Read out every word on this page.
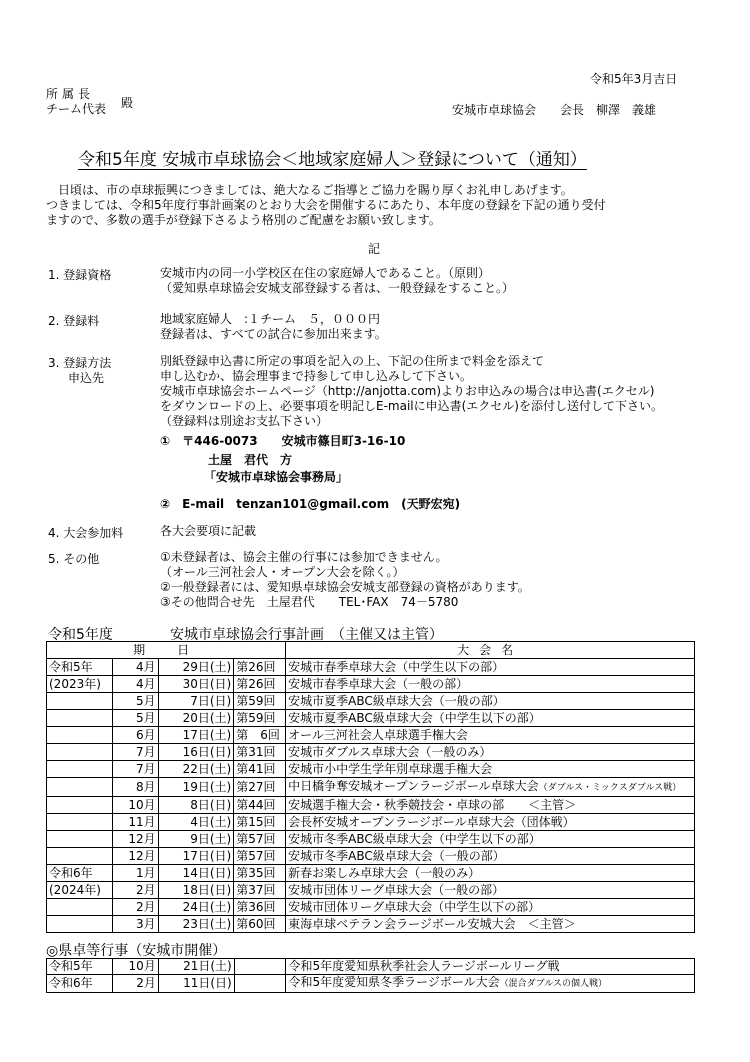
令和5年3月吉日
所属長
チーム代表 殿	安城市卓球協会　　会長　柳澤　義雄
令和5年度 安城市卓球協会＜地域家庭婦人＞登録について（通知）
日頃は、市の卓球振興につきましては、絶大なるご指導とご協力を賜り厚くお礼申しあげます。
つきましては、令和5年度行事計画案のとおり大会を開催するにあたり、本年度の登録を下記の通り受付
ますので、多数の選手が登録下さるよう格別のご配慮をお願い致します。
記
1. 登録資格	安城市内の同一小学校区在住の家庭婦人であること。（原則）
（愛知県卓球協会安城支部登録する者は、一般登録をすること。）
2. 登録料	地域家庭婦人　:１チーム　５，０００円
登録者は、すべての試合に参加出来ます。
3. 登録方法
申込先
別紙登録申込書に所定の事項を記入の上、下記の住所まで料金を添えて
申し込むか、協会理事まで持参して申し込みして下さい。
安城市卓球協会ホームページ（http://anjotta.com)よりお申込みの場合は申込書(エクセル)
をダウンロードの上、必要事項を明記しE-mailに申込書(エクセル)を添付し送付して下さい。
（登録料は別途お支払下さい）
①　〒446-0073　　安城市篠目町3-16-10
土屋　君代　方
「安城市卓球協会事務局」
②　E-mail　tenzan101@gmail.com　(天野宏宛)
4. 大会参加料	各大会要項に記載
5. その他	①未登録者は、協会主催の行事には参加できません。
（オール三河社会人・オープン大会を除く。）
②一般登録者には、愛知県卓球協会安城支部登録の資格があります。
③その他問合せ先　土屋君代　　TEL･FAX　74－5780
令和5年度	安城市卓球協会行事計画　（主催又は主管）
期　日				大会名
令和5年	4月	29日(土)	第26回	安城市春季卓球大会（中学生以下の部）
(2023年)	4月	30日(日)	第26回	安城市春季卓球大会（一般の部）
	5月	7日(日)	第59回	安城市夏季ABC級卓球大会（一般の部）
	5月	20日(土)	第59回	安城市夏季ABC級卓球大会（中学生以下の部）
	6月	17日(土)	第　6回	オール三河社会人卓球選手権大会
	7月	16日(日)	第31回	安城市ダブルス卓球大会（一般のみ）
	7月	22日(土)	第41回	安城市小中学生学年別卓球選手権大会
	8月	19日(土)	第27回	中日橋争奪安城オープンラージボール卓球大会（ダブルス・ミックスダブルス戦）
	10月	8日(日)	第44回	安城選手権大会・秋季競技会・卓球の部　　＜主管＞
	11月	4日(土)	第15回	会長杯安城オープンラージボール卓球大会（団体戦）
	12月	9日(土)	第57回	安城市冬季ABC級卓球大会（中学生以下の部）
	12月	17日(日)	第57回	安城市冬季ABC級卓球大会（一般の部）
令和6年	1月	14日(日)	第35回	新春お楽しみ卓球大会（一般のみ）
(2024年)	2月	18日(日)	第37回	安城市団体リーグ卓球大会（一般の部）
	2月	24日(土)	第36回	安城市団体リーグ卓球大会（中学生以下の部）
	3月	23日(土)	第60回	東海卓球ベテラン会ラージボール安城大会　＜主管＞
◎県卓等行事（安城市開催）
令和5年	10月	21日(土)		令和5年度愛知県秋季社会人ラージボールリーグ戦
令和6年	2月	11日(日)		令和5年度愛知県冬季ラージボール大会（混合ダブルスの個人戦）
